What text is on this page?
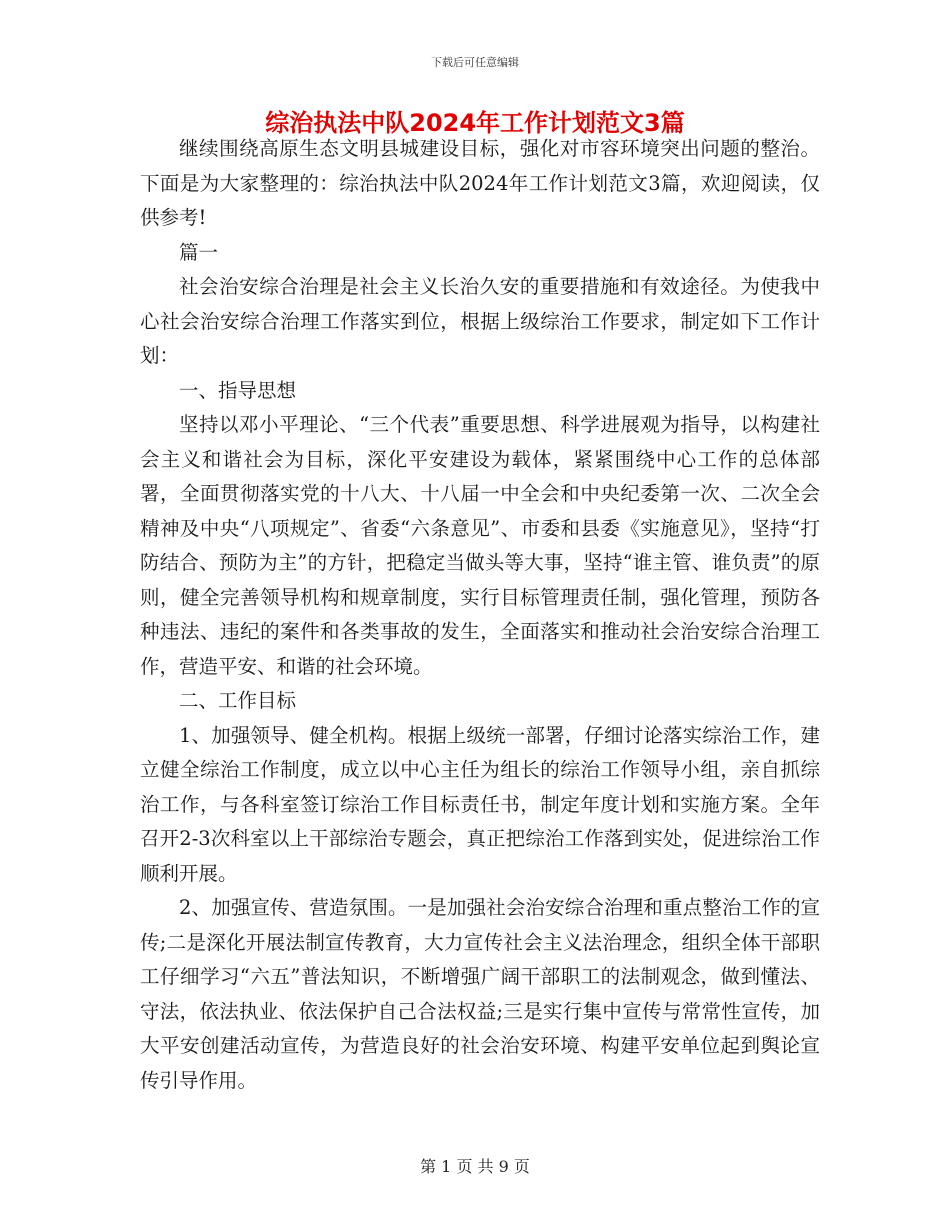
下载后可任意编辑
综治执法中队2024年工作计划范文3篇

继续围绕高原生态文明县城建设目标，强化对市容环境突出问题的整治。下面是为大家整理的：综治执法中队2024年工作计划范文3篇，欢迎阅读，仅供参考!

篇一

社会治安综合治理是社会主义长治久安的重要措施和有效途径。为使我中心社会治安综合治理工作落实到位，根据上级综治工作要求，制定如下工作计划：

一、指导思想

坚持以邓小平理论、“三个代表”重要思想、科学进展观为指导，以构建社会主义和谐社会为目标，深化平安建设为载体，紧紧围绕中心工作的总体部署，全面贯彻落实党的十八大、十八届一中全会和中央纪委第一次、二次全会精神及中央“八项规定”、省委“六条意见”、市委和县委《实施意见》，坚持“打防结合、预防为主”的方针，把稳定当做头等大事，坚持“谁主管、谁负责”的原则，健全完善领导机构和规章制度，实行目标管理责任制，强化管理，预防各种违法、违纪的案件和各类事故的发生，全面落实和推动社会治安综合治理工作，营造平安、和谐的社会环境。

二、工作目标

1、加强领导、健全机构。根据上级统一部署，仔细讨论落实综治工作，建立健全综治工作制度，成立以中心主任为组长的综治工作领导小组，亲自抓综治工作，与各科室签订综治工作目标责任书，制定年度计划和实施方案。全年召开2-3次科室以上干部综治专题会，真正把综治工作落到实处，促进综治工作顺利开展。

2、加强宣传、营造氛围。一是加强社会治安综合治理和重点整治工作的宣传;二是深化开展法制宣传教育，大力宣传社会主义法治理念，组织全体干部职工仔细学习“六五”普法知识，不断增强广阔干部职工的法制观念，做到懂法、守法，依法执业、依法保护自己合法权益;三是实行集中宣传与常常性宣传，加大平安创建活动宣传，为营造良好的社会治安环境、构建平安单位起到舆论宣传引导作用。

第 1 页 共 9 页
